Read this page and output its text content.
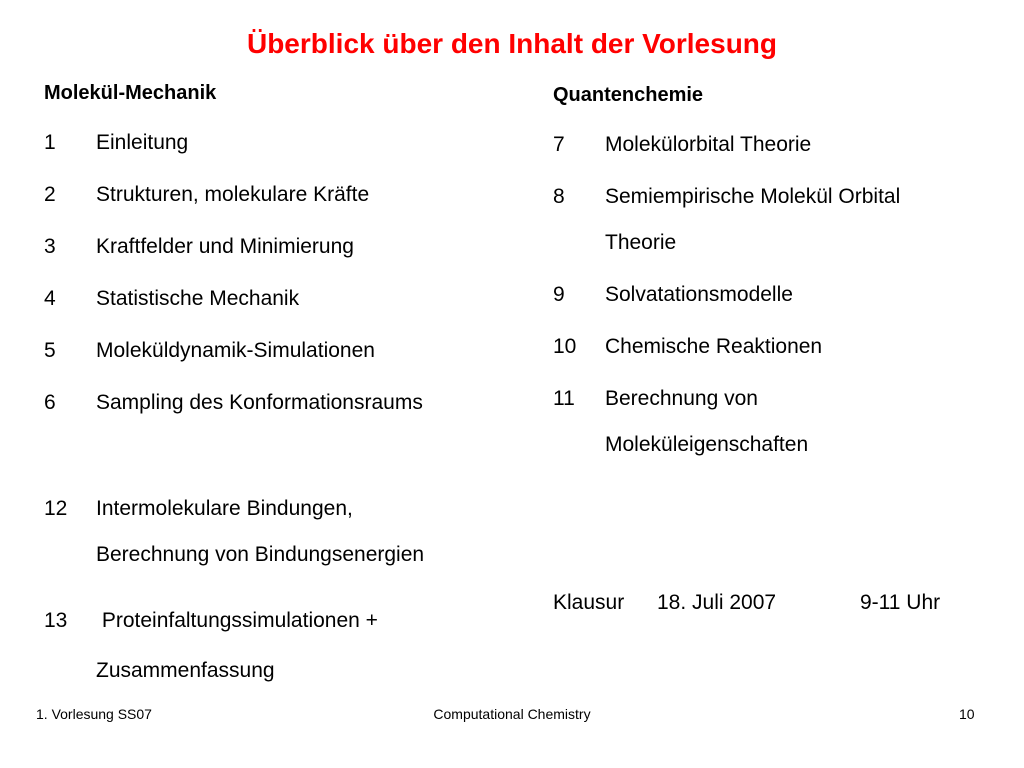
Überblick über den Inhalt der Vorlesung
Molekül-Mechanik
1 Einleitung
2 Strukturen, molekulare Kräfte
3 Kraftfelder und Minimierung
4 Statistische Mechanik
5 Moleküldynamik-Simulationen
6 Sampling des Konformationsraums
12 Intermolekulare Bindungen,
Berechnung von Bindungsenergien
13 Proteinfaltungssimulationen +
Zusammenfassung
Quantenchemie
7 Molekülorbital Theorie
8 Semiempirische Molekül Orbital
Theorie
9 Solvatationsmodelle
10 Chemische Reaktionen
11 Berechnung von
Moleküleigenschaften
Klausur 18. Juli 2007	9-11 Uhr
1. Vorlesung SS07	Computational Chemistry	10
